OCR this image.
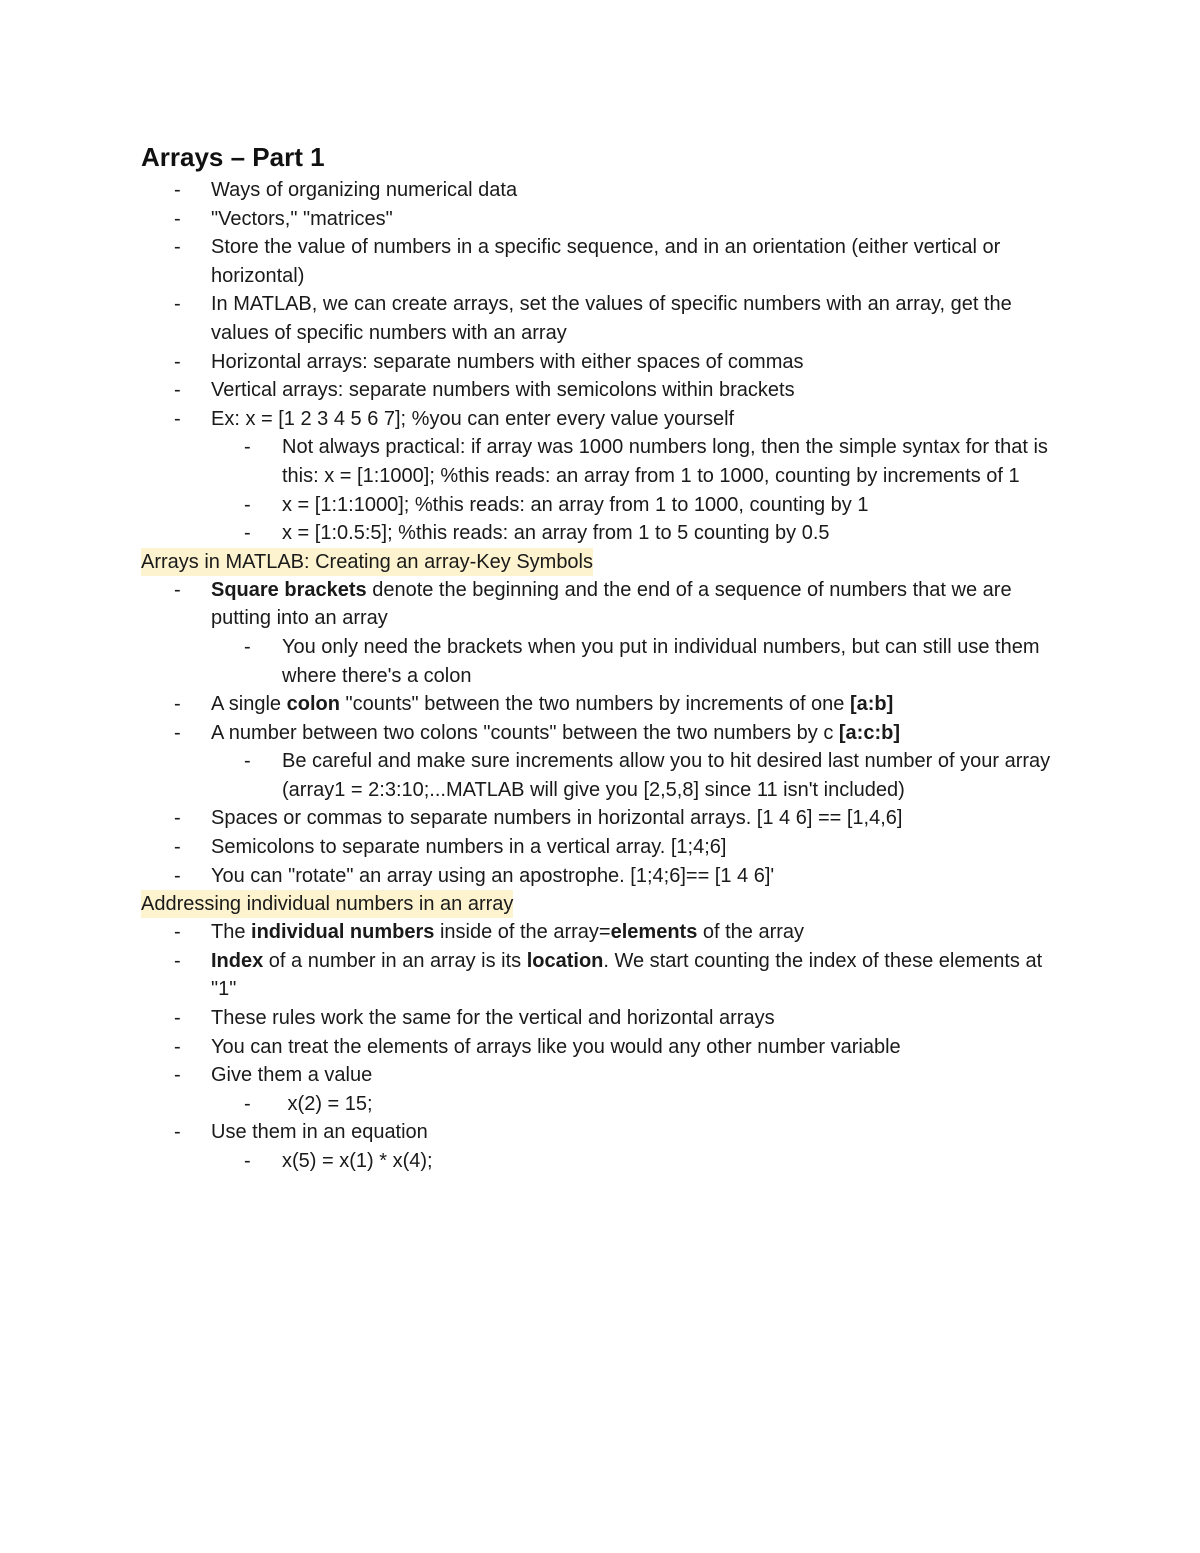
Arrays – Part 1
- Ways of organizing numerical data
- "Vectors," "matrices"
- Store the value of numbers in a specific sequence, and in an orientation (either vertical or horizontal)
- In MATLAB, we can create arrays, set the values of specific numbers with an array, get the values of specific numbers with an array
- Horizontal arrays: separate numbers with either spaces of commas
- Vertical arrays: separate numbers with semicolons within brackets
- Ex: x = [1 2 3 4 5 6 7]; %you can enter every value yourself
- Not always practical: if array was 1000 numbers long, then the simple syntax for that is this: x = [1:1000]; %this reads: an array from 1 to 1000, counting by increments of 1
- x = [1:1:1000]; %this reads: an array from 1 to 1000, counting by 1
- x = [1:0.5:5]; %this reads: an array from 1 to 5 counting by 0.5
Arrays in MATLAB: Creating an array-Key Symbols
- Square brackets denote the beginning and the end of a sequence of numbers that we are putting into an array
- You only need the brackets when you put in individual numbers, but can still use them where there's a colon
- A single colon "counts" between the two numbers by increments of one [a:b]
- A number between two colons "counts" between the two numbers by c [a:c:b]
- Be careful and make sure increments allow you to hit desired last number of your array (array1 = 2:3:10;...MATLAB will give you [2,5,8] since 11 isn't included)
- Spaces or commas to separate numbers in horizontal arrays. [1 4 6] == [1,4,6]
- Semicolons to separate numbers in a vertical array. [1;4;6]
- You can "rotate" an array using an apostrophe. [1;4;6]== [1 4 6]'
Addressing individual numbers in an array
- The individual numbers inside of the array=elements of the array
- Index of a number in an array is its location. We start counting the index of these elements at "1"
- These rules work the same for the vertical and horizontal arrays
- You can treat the elements of arrays like you would any other number variable
- Give them a value
-  x(2) = 15;
- Use them in an equation
- x(5) = x(1) * x(4);
